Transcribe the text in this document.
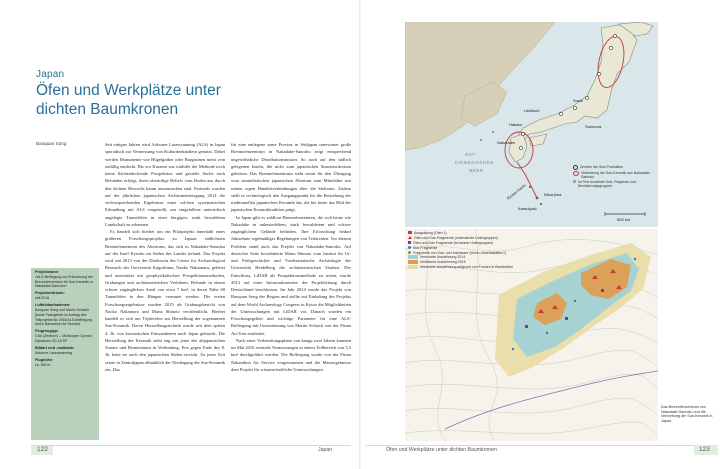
Japan
Öfen und Werkplätze unter dichten Baumkronen
Baoquan Song
Projektname:
»ALS-Befliegung zur Erforschung der Brennofenzentren für Sue-Keramik in Nakadake-Sanroku«
Projektzeitraum:
seit 2016
Luftbildaufnahmen:
Baoquan Song und Martin Schaich (beide Fachgebiet im Auftrag des Teilprojekts bis 2018 ALS-Befliegung durch Nakanihon Air Service)
Flugzeugtyp:
GIAI (Zentrum) – Multicopter Gyrotor Dynamics GD-16 SP
Bildart und -maßstab:
Airborne Laserscanning
Flughöhe:
ca. 500 m

Seit einigen Jahren wird Airborne Laserscanning (ALS) in Japan sporadisch zur Vermessung von Kulturdenkmälern genutzt. Dabei werden Monumente wie Hügelgräber oder Burgruinen meist rein zufällig entdeckt. Bis vor Kurzem war mithilfe der Methode noch keine flächendeckende Prospektion und gezielte Suche nach Befunden erfolgt, deren oberirdige Reliefs vom Boden aus durch den dichten Bewuchs kaum auszumachen sind. Erstmals wurden auf der jährlichen japanischen Archäometrietagung 2014 die vielversprechenden Ergebnisse einer solchen systematischen Erkundung mit ALS vorgestellt, um eingefallene unterirdisch angelegte Tunnelöfen in einer bergigen, stark bewaldeten Landschaft zu erkennen.

Es handelt sich hierbei um ein Pilotprojekt innerhalb eines größeren Forschungsprojekts zu Japans südlichsten Brennofenzentren des Altertums, das sich in Nakadake-Sanroku auf der Insel Kyushu im Süden des Landes befand. Das Projekt wird seit 2013 von der Direktorin des Center for Archaeological Research der Universität Kagoshima, Naoko Nakamura, geleitet und unterstützt mit geophysikalischen Prospektionsmethoden, Grabungen und archäometrischen Verfahren. Befunde in einem schwer zugänglichen Areal von etwa 7 km², in deren Nähe 60 Tunnelöfen in den Hängen vermutet werden. Die ersten Forschungsergebnisse wurden 2015 als Grabungsbericht von Naoko Nakamura und Maria Shinoto veröffentlicht. Hierbei handelt es sich um Töpferöfen zur Herstellung der sogenannten Sue-Keramik. Deren Herstellungstechnik wurde seit dem späten 4. Jh. von koreanischen Einwanderern nach Japan gebracht. Die Herstellung der Keramik steht eng mit jener des altjapanischen Staates und Beamtentum in Verbindung. Erst gegen Ende des 8. Jh. hatte sie auch den japanischen Süden erreicht. Zu jener Zeit setzte in Zentraljapan allmählich der Niedergang der Sue-Keramik ein. Das

für eine entlegene arme Provinz in Südjapan unerwartet große Brennofenzentrum in Nakadake-Sanroku zeigt entsprechend ungewöhnliche Distributionsmuster. So auch auf den südlich gelegenen Inseln, die nicht zum japanischen Staatsterritorium gehörten. Das Brennofenzentrum steht somit für den Übergang vom zentralistischen japanischen Altertum zum Mittelalter mit seinen regen Handelsverbindungen über die Südroute. Zudem stellt es technologisch den Ausgangspunkt für die Entstehung der traditionellen japanischen Keramik dar, die bis heute das Bild der japanischen Keramiktradition prägt.

In Japan gibt es zahllose Brennofenzentren, die sich heute wie Nakadake in unbesiedeltem, stark bewaldetem und schwer zugänglichem Gelände befinden. Ihre Erforschung bedarf Jahrzehnte regelmäßiger Begehungen von Teilarealen. Vor diesem Problem stand auch das Projekt von Nakadake-Sanroku. Auf deutscher Seite koordinierte Maria Shinoto vom Institut für Ur- und Frühgeschichte und Vorderasiatische Archäologie der Universität Heidelberg die archäometrischen Studien. Der Entschluss, LiDAR als Prospektionsmethode zu testen, wurde 2013 auf einer Informationsreise der Projektleitung durch Deutschland beschlossen. Im Jahr 2014 wurde das Projekt von Baoquan Song der Region und stellte auf Einladung des Projekts auf dem World Archaeology Congress in Kyoto die Möglichkeiten der Untersuchungen mit LiDAR vor. Danach wurden ein Forschungsgebiet und wichtige Parameter für eine ALS-Befliegung mit Unterstützung von Martin Schaich von der Firma ArcTron erarbeitet.

Nach einer Vorbereitungsphase von knapp zwei Jahren konnten im Mai 2016 erstmals Vermessungen in einem Teilbereich von 5,3 km² durchgeführt werden. Die Befliegung wurde von der Firma Nakanihon Air Service vorgenommen und die Messergebnisse dem Projekt für wissenschaftliche Untersuchungen

122	Japan
Ushikubi
Sueki
Suemura
Nakadake
Hakata
Kikai-jima
Kamuiyaki
OST-
CHINESISCHES
MEER
Ryukyu-Inseln
500 km
Zentren der Sue-Produktion
Verbreitung der Sue-Keramik aus Nakadake-Sanroku
Im Text erwähnte Orte, Regionen und Bevölkerungsgruppen
Ausgrabung (Ofen 1)
Öfen und Sue-Fragmente (unbenannte Untergruppen)
Öfen und Sue-Fragmente (benannte Untergruppen)
Sue-Fragmente
Fragmente von Sue- und Irdenware (Wohn-/Arbeitsstätten?)
Vermutete Ausdehnung 2014
Verifizierte Ausdehnung 2015
Vermutete Ausdehnung aufgrund von Funden in Bachbetten
Das Brennofenzentrum von Nakadake-Sanroku und die Verbreitung der Sue-Keramik in Japan.
Öfen und Werkplätze unter dichten Baumkronen	123
